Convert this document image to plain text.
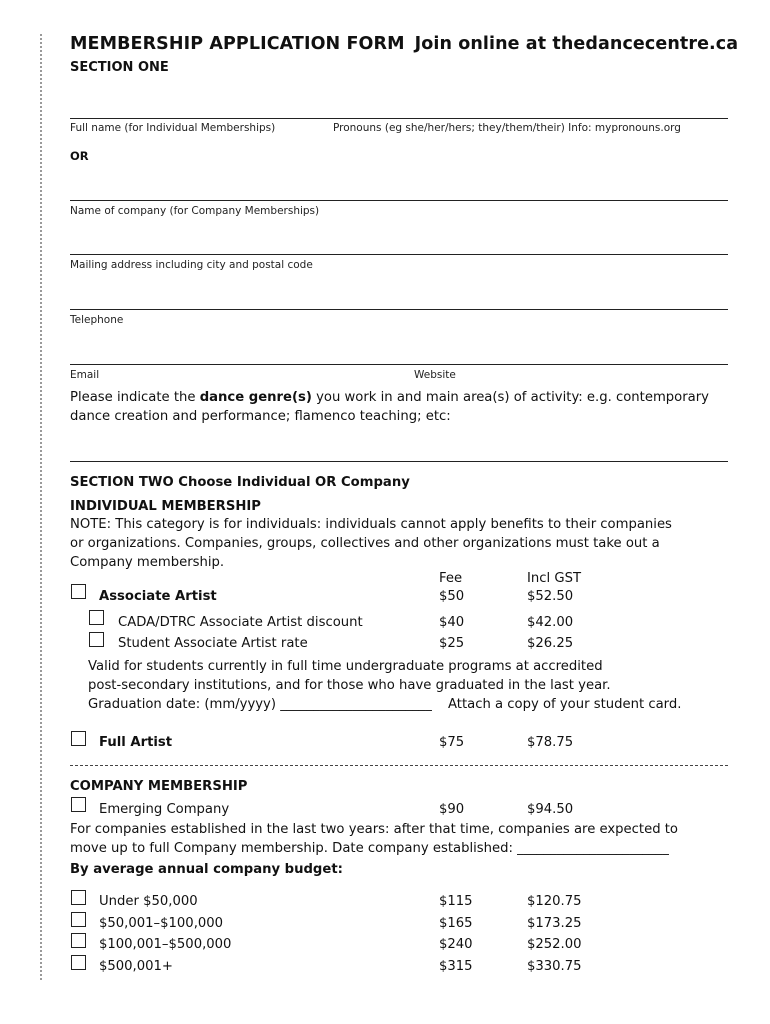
MEMBERSHIP APPLICATION FORM Join online at thedancecentre.ca
SECTION ONE
Full name (for Individual Memberships)	Pronouns (eg she/her/hers; they/them/their) Info: mypronouns.org
OR
Name of company (for Company Memberships)
Mailing address including city and postal code
Telephone
Email	Website
Please indicate the dance genre(s) you work in and main area(s) of activity: e.g. contemporary
dance creation and performance; flamenco teaching; etc:
SECTION TWO Choose Individual OR Company
INDIVIDUAL MEMBERSHIP
NOTE: This category is for individuals: individuals cannot apply benefits to their companies
or organizations. Companies, groups, collectives and other organizations must take out a
Company membership.
Fee	Incl GST
Associate Artist	$50	$52.50
CADA/DTRC Associate Artist discount	$40	$42.00
Student Associate Artist rate	$25	$26.25
Valid for students currently in full time undergraduate programs at accredited
post-secondary institutions, and for those who have graduated in the last year.
Graduation date: (mm/yyyy) _______________________ Attach a copy of your student card.
Full Artist	$75	$78.75
COMPANY MEMBERSHIP
Emerging Company	$90	$94.50
For companies established in the last two years: after that time, companies are expected to
move up to full Company membership. Date company established: _______________________
By average annual company budget:
Under $50,000	$115	$120.75
$50,001–$100,000	$165	$173.25
$100,001–$500,000	$240	$252.00
$500,001+	$315	$330.75
